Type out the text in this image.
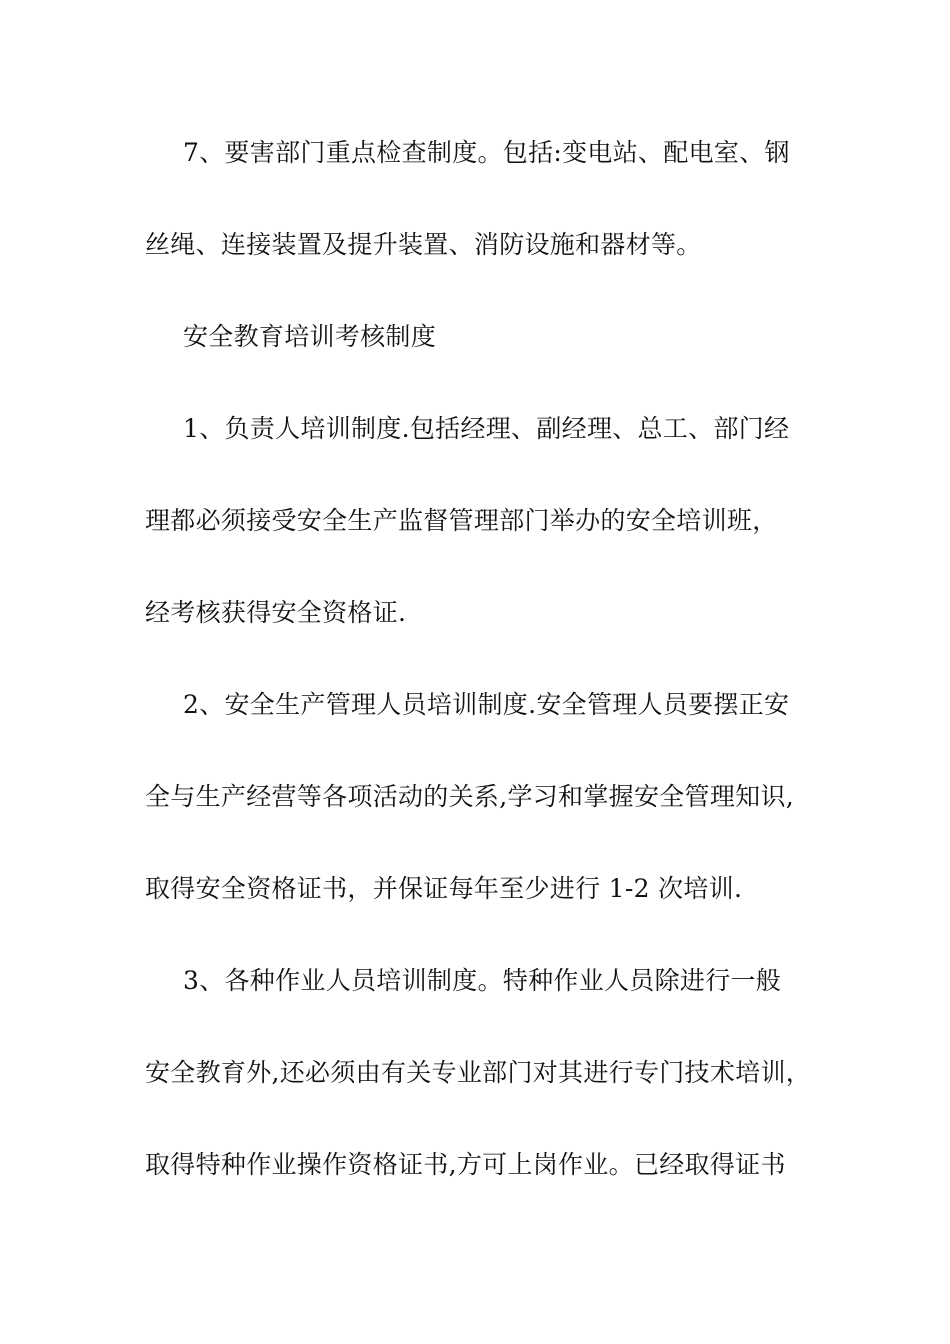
7、要害部门重点检查制度。包括:变电站、配电室、钢
丝绳、连接装置及提升装置、消防设施和器材等。
安全教育培训考核制度
1、负责人培训制度.包括经理、副经理、总工、部门经
理都必须接受安全生产监督管理部门举办的安全培训班，
经考核获得安全资格证.
2、安全生产管理人员培训制度.安全管理人员要摆正安
全与生产经营等各项活动的关系,学习和掌握安全管理知识,
取得安全资格证书，并保证每年至少进行 1-2 次培训.
3、各种作业人员培训制度。特种作业人员除进行一般
安全教育外,还必须由有关专业部门对其进行专门技术培训，
取得特种作业操作资格证书,方可上岗作业。已经取得证书
